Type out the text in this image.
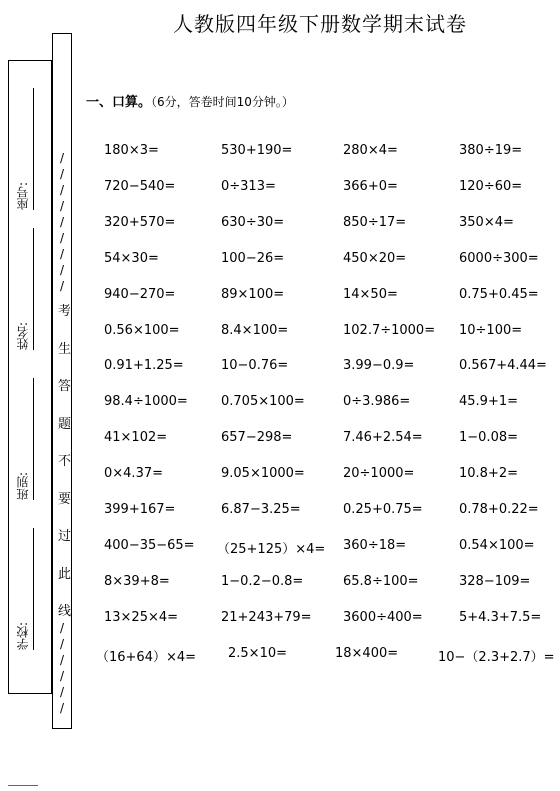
人教版四年级下册数学期末试卷
座号:
姓名:
班别:
学校:
/
/
/
/
/
/
/
/
/
/
/
/
/
/
/
考
生
答
题
不
要
过
此
线
一、口算。（6分，答卷时间10分钟。）
180×3=	530+190=	280×4=	380÷19=
720−540=	0÷313=	366+0=	120÷60=
320+570=	630÷30=	850÷17=	350×4=
54×30=	100−26=	450×20=	6000÷300=
940−270=	89×100=	14×50=	0.75+0.45=
0.56×100=	8.4×100=	102.7÷1000= 10÷100=
0.91+1.25=	10−0.76=	3.99−0.9=	0.567+4.44=
98.4÷1000=	0.705×100=	0÷3.986=	45.9+1=
41×102=	657−298=	7.46+2.54=	1−0.08=
0×4.37=	9.05×1000=	20÷1000=	10.8+2=
399+167=	6.87−3.25=	0.25+0.75=	0.78+0.22=
400−35−65= （25+125）×4= 360÷18=	0.54×100=
8×39+8=	1−0.2−0.8=	65.8÷100=	328−109=
13×25×4=	21+243+79= 3600÷400=	5+4.3+7.5=
（16+64）×4= 2.5×10=	18×400=	10−（2.3+2.7）=
